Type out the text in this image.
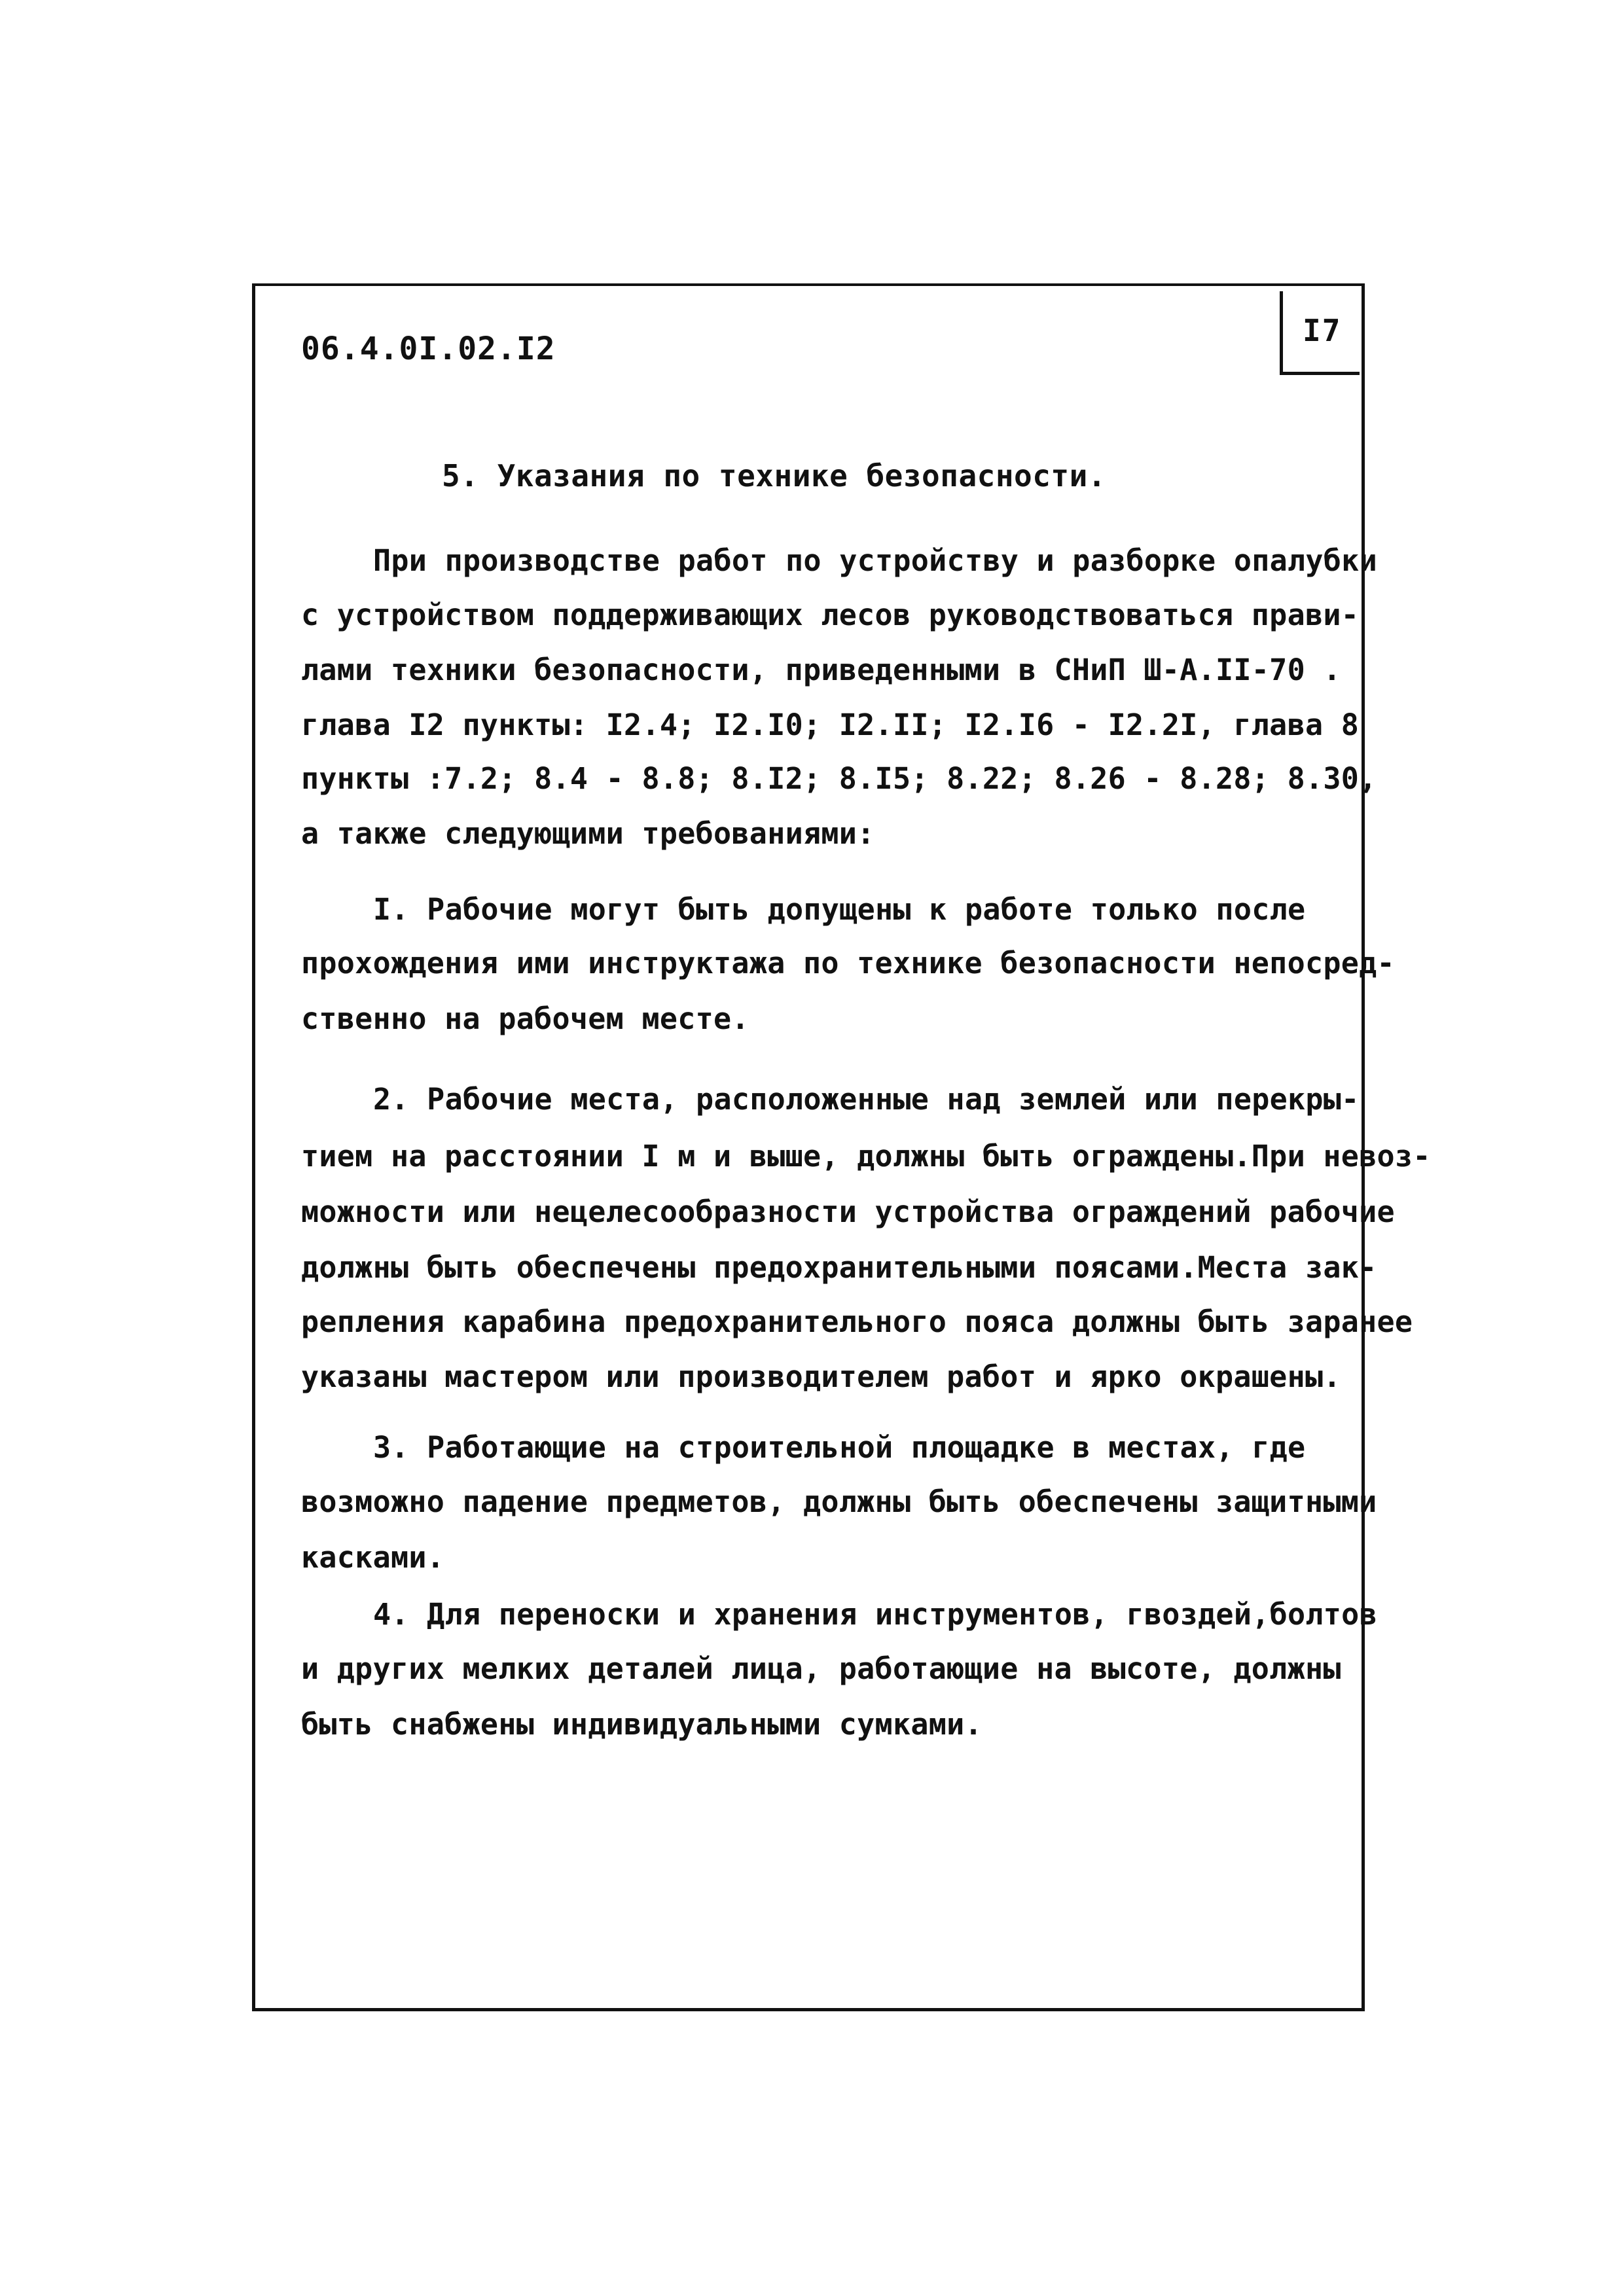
I7
06.4.0I.02.I2
5. Указания по технике безопасности.
При производстве работ по устройству и разборке опалубки
с устройством поддерживающих лесов руководствоваться прави-
лами техники безопасности, приведенными в СНиП Ш-А.II-70 .
глава I2 пункты: I2.4; I2.I0; I2.II; I2.I6 - I2.2I, глава 8
пункты :7.2; 8.4 - 8.8; 8.I2; 8.I5; 8.22; 8.26 - 8.28; 8.30,
а также следующими требованиями:
I. Рабочие могут быть допущены к работе только после
прохождения ими инструктажа по технике безопасности непосред-
ственно на рабочем месте.
2. Рабочие места, расположенные над землей или перекры-
тием на расстоянии I м и выше, должны быть ограждены.При невоз-
можности или нецелесообразности устройства ограждений рабочие
должны быть обеспечены предохранительными поясами.Места зак-
репления карабина предохранительного пояса должны быть заранее
указаны мастером или производителем работ и ярко окрашены.
3. Работающие на строительной площадке в местах, где
возможно падение предметов, должны быть обеспечены защитными
касками.
4. Для переноски и хранения инструментов, гвоздей,болтов
и других мелких деталей лица, работающие на высоте, должны
быть снабжены индивидуальными сумками.
